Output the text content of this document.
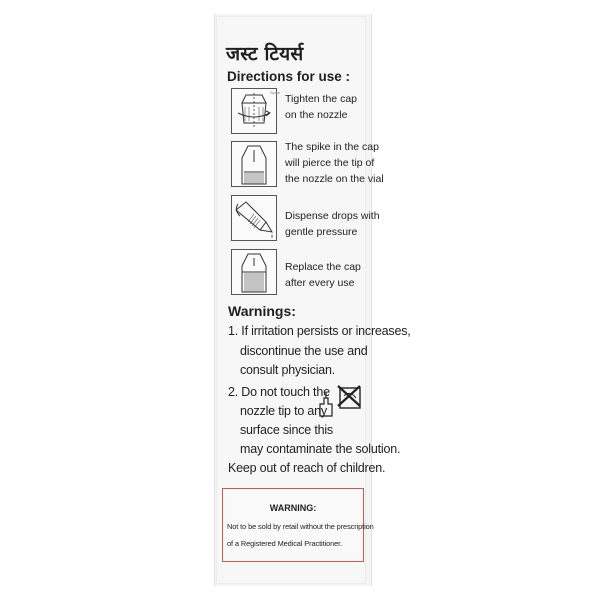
जस्ट टियर्स
Directions for use :
Spike
Tighten the cap
on the nozzle
The spike in the cap
will pierce the tip of
the nozzle on the vial
Dispense drops with
gentle pressure
Replace the cap
after every use
Warnings:
1. If irritation persists or increases,
discontinue the use and
consult physician.
2. Do not touch the
nozzle tip to any
surface since this
may contaminate the solution.
Keep out of reach of children.
WARNING:
Not to be sold by retail without the prescription
of a Registered Medical Practitioner.
